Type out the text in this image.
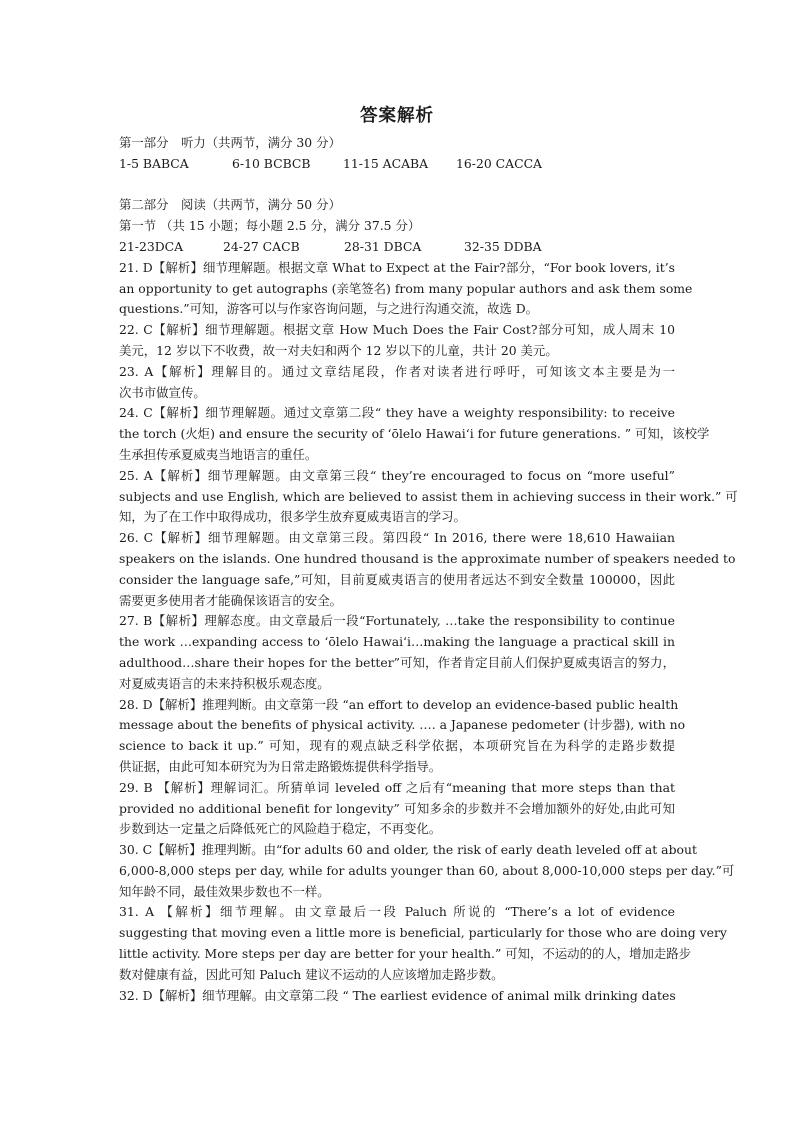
答案解析
第一部分　听力（共两节，满分 30 分）
1-5 BABCA	6-10 BCBCB	11-15 ACABA	16-20 CACCA
第二部分　阅读（共两节，满分 50 分）
第一节 （共 15 小题；每小题 2.5 分，满分 37.5 分）
21-23DCA	24-27 CACB	28-31 DBCA	32-35 DDBA
21. D【解析】细节理解题。根据文章 What to Expect at the Fair?部分，“For book lovers, it’s
an opportunity to get autographs (亲笔签名) from many popular authors and ask them some
questions.”可知，游客可以与作家咨询问题，与之进行沟通交流，故选 D。
22. C【解析】细节理解题。根据文章 How Much Does the Fair Cost?部分可知，成人周末 10
美元，12 岁以下不收费，故一对夫妇和两个 12 岁以下的儿童，共计 20 美元。
23. A【解析】理解目的。通过文章结尾段，作者对读者进行呼吁，可知该文本主要是为一
次书市做宣传。
24. C【解析】细节理解题。通过文章第二段“ they have a weighty responsibility: to receive
the torch (火炬) and ensure the security of ‘ōlelo Hawai‘i for future generations. ” 可知，该校学
生承担传承夏威夷当地语言的重任。
25. A【解析】细节理解题。由文章第三段“ they’re encouraged to focus on “more useful”
subjects and use English, which are believed to assist them in achieving success in their work.” 可
知，为了在工作中取得成功，很多学生放弃夏威夷语言的学习。
26. C【解析】细节理解题。由文章第三段。第四段“ In 2016, there were 18,610 Hawaiian
speakers on the islands. One hundred thousand is the approximate number of speakers needed to
consider the language safe,”可知，目前夏威夷语言的使用者远达不到安全数量 100000，因此
需要更多使用者才能确保该语言的安全。
27. B【解析】理解态度。由文章最后一段“Fortunately, …take the responsibility to continue
the work …expanding access to ‘ōlelo Hawai‘i…making the language a practical skill in
adulthood…share their hopes for the better”可知，作者肯定目前人们保护夏威夷语言的努力，
对夏威夷语言的未来持积极乐观态度。
28. D【解析】推理判断。由文章第一段 “an effort to develop an evidence-based public health
message about the benefits of physical activity. …. a Japanese pedometer (计步器), with no
science to back it up.” 可知，现有的观点缺乏科学依据，本项研究旨在为科学的走路步数提
供证据，由此可知本研究为为日常走路锻炼提供科学指导。
29. B 【解析】理解词汇。所猜单词 leveled off 之后有“meaning that more steps than that
provided no additional benefit for longevity” 可知多余的步数并不会增加额外的好处,由此可知
步数到达一定量之后降低死亡的风险趋于稳定，不再变化。
30. C【解析】推理判断。由“for adults 60 and older, the risk of early death leveled off at about
6,000-8,000 steps per day, while for adults younger than 60, about 8,000-10,000 steps per day.”可
知年龄不同，最佳效果步数也不一样。
31. A 【解析】细节理解。由文章最后一段 Paluch 所说的 “There’s a lot of evidence
suggesting that moving even a little more is beneficial, particularly for those who are doing very
little activity. More steps per day are better for your health.” 可知，不运动的的人，增加走路步
数对健康有益，因此可知 Paluch 建议不运动的人应该增加走路步数。
32. D【解析】细节理解。由文章第二段 “ The earliest evidence of animal milk drinking dates
